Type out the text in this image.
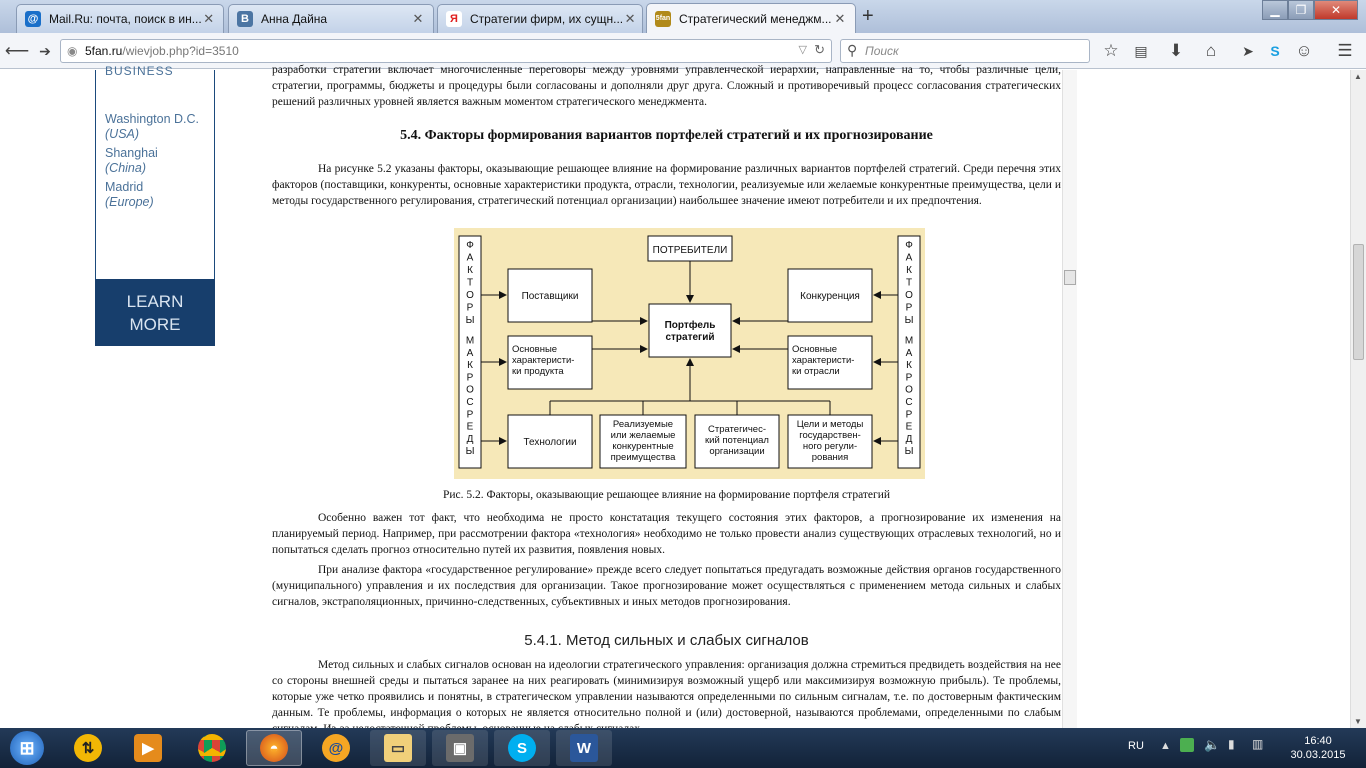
@ Mail.Ru: почта, поиск в ин... ✕	В	Анна Дайна	✕	Я	Стратегии фирм, их сущн... ✕	5fan Стратегический менеджм... ✕ +	▁	❐	✕
⟵ ➔	◉ 5fan.ru /wievjob.php?id=3510	▽ ↻ ⚲ Поиск	☆	▤	⬇	⌂	➤	S ☺ ☰
BUSINESS
Washington D.C.
(USA)
Shanghai
(China)
Madrid
(Europe)
LEARN MORE
разработки стратегии включает многочисленные переговоры между уровнями управленческой иерархии, направленные на то, чтобы различные цели, стратегии, программы, бюджеты и процедуры были согласованы и дополняли друг друга. Сложный и противоречивый процесс согласования стратегических решений различных уровней является важным моментом стратегического менеджмента.
5.4. Факторы формирования вариантов портфелей стратегий и их прогнозирование
На рисунке 5.2 указаны факторы, оказывающие решающее влияние на формирование различных вариантов портфелей стратегий. Среди перечня этих факторов (поставщики, конкуренты, основные характеристики продукта, отрасли, технологии, реализуемые или желаемые конкурентные преимущества, цели и методы государственного регулирования, стратегический потенциал организации) наибольшее значение имеют потребители и их предпочтения.
ПОТРЕБИТЕЛИ
Поставщики	Конкуренция
Технологии
Портфель
стратегий
Основные
характеристи-
ки продукта
Основные
характеристи-
ки отрасли
Реализуемые
или желаемые
конкурентные
преимущества
Стратегичес-
кий потенциал
организации
Цели и методы
государствен-
ного регули-
рования
Ф
А
К
Т
О
Р
Ы
М
А
К
Р
О
С
Р
Е
Д
Ы
Ф
А
К
Т
О
Р
Ы
М
А
К
Р
О
С
Р
Е
Д
Ы
Рис. 5.2. Факторы, оказывающие решающее влияние на формирование портфеля стратегий
Особенно важен тот факт, что необходима не просто констатация текущего состояния этих факторов, а прогнозирование их изменения на планируемый период. Например, при рассмотрении фактора «технология» необходимо не только провести анализ существующих отраслевых технологий, но и попытаться сделать прогноз относительно путей их развития, появления новых.
При анализе фактора «государственное регулирование» прежде всего следует попытаться предугадать возможные действия органов государственного (муниципального) управления и их последствия для организации. Такое прогнозирование может осуществляться с применением метода сильных и слабых сигналов, экстраполяционных, причинно-следственных, субъективных и иных методов прогнозирования.
5.4.1. Метод сильных и слабых сигналов
Метод сильных и слабых сигналов основан на идеологии стратегического управления: организация должна стремиться предвидеть воздействия на нее со стороны внешней среды и пытаться заранее на них реагировать (минимизируя возможный ущерб или максимизируя возможную прибыль). Те проблемы, которые уже четко проявились и понятны, в стратегическом управлении называются определенными по сильным сигналам, т.е. по достоверным фактическим данным. Те проблемы, информация о которых не является относительно полной и (или) достоверной, называются проблемами, определенными по слабым
▲
▼
⊞	⇅	▶	◓	@	▭	▣	S	W	RU ▲	🔈 ▮ ▥	16:40
30.03.2015
